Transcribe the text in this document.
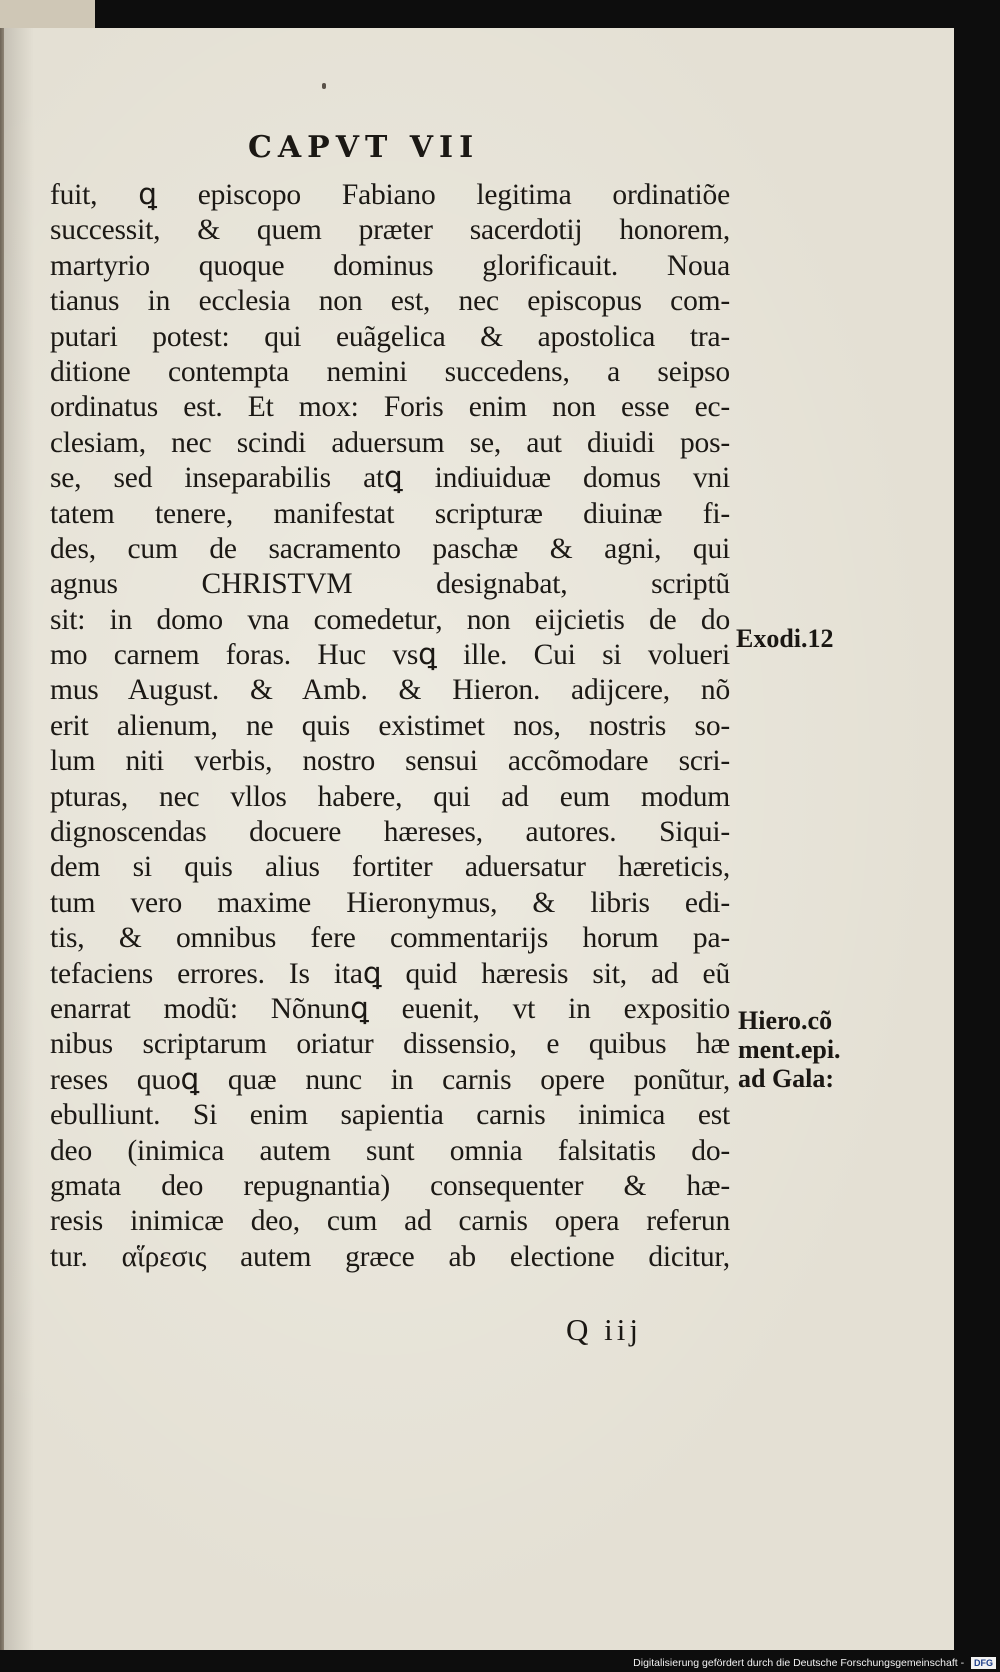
CAPVT VII
fuit, ꝗ episcopo Fabiano legitima ordinatiõe
successit, & quem præter sacerdotij honorem,
martyrio quoque dominus glorificauit. Noua
tianus in ecclesia non est, nec episcopus com-
putari potest: qui euãgelica & apostolica tra-
ditione contempta nemini succedens, a seipso
ordinatus est. Et mox: Foris enim non esse ec-
clesiam, nec scindi aduersum se, aut diuidi pos-
se, sed inseparabilis atꝗ indiuiduæ domus vni
tatem tenere, manifestat scripturæ diuinæ fi-
des, cum de sacramento paschæ & agni, qui
agnus CHRISTVM designabat, scriptũ
sit: in domo vna comedetur, non eijcietis de do
mo carnem foras. Huc vsꝗ ille. Cui si volueri
mus August. & Amb. & Hieron. adijcere, nõ
erit alienum, ne quis existimet nos, nostris so-
lum niti verbis, nostro sensui accõmodare scri-
pturas, nec vllos habere, qui ad eum modum
dignoscendas docuere hæreses, autores. Siqui-
dem si quis alius fortiter aduersatur hæreticis,
tum vero maxime Hieronymus, & libris edi-
tis, & omnibus fere commentarijs horum pa-
tefaciens errores. Is itaꝗ quid hæresis sit, ad eũ
enarrat modũ: Nõnunꝗ euenit, vt in expositio
nibus scriptarum oriatur dissensio, e quibus hæ
reses quoꝗ quæ nunc in carnis opere ponũtur,
ebulliunt. Si enim sapientia carnis inimica est
deo (inimica autem sunt omnia falsitatis do-
gmata deo repugnantia) consequenter & hæ-
resis inimicæ deo, cum ad carnis opera referun
tur. αἵρεσις autem græce ab electione dicitur,
Exodi.12
Hiero.cõ
ment.epi.
ad Gala:
Q iij
Digitalisierung gefördert durch die Deutsche Forschungsgemeinschaft - DFG
